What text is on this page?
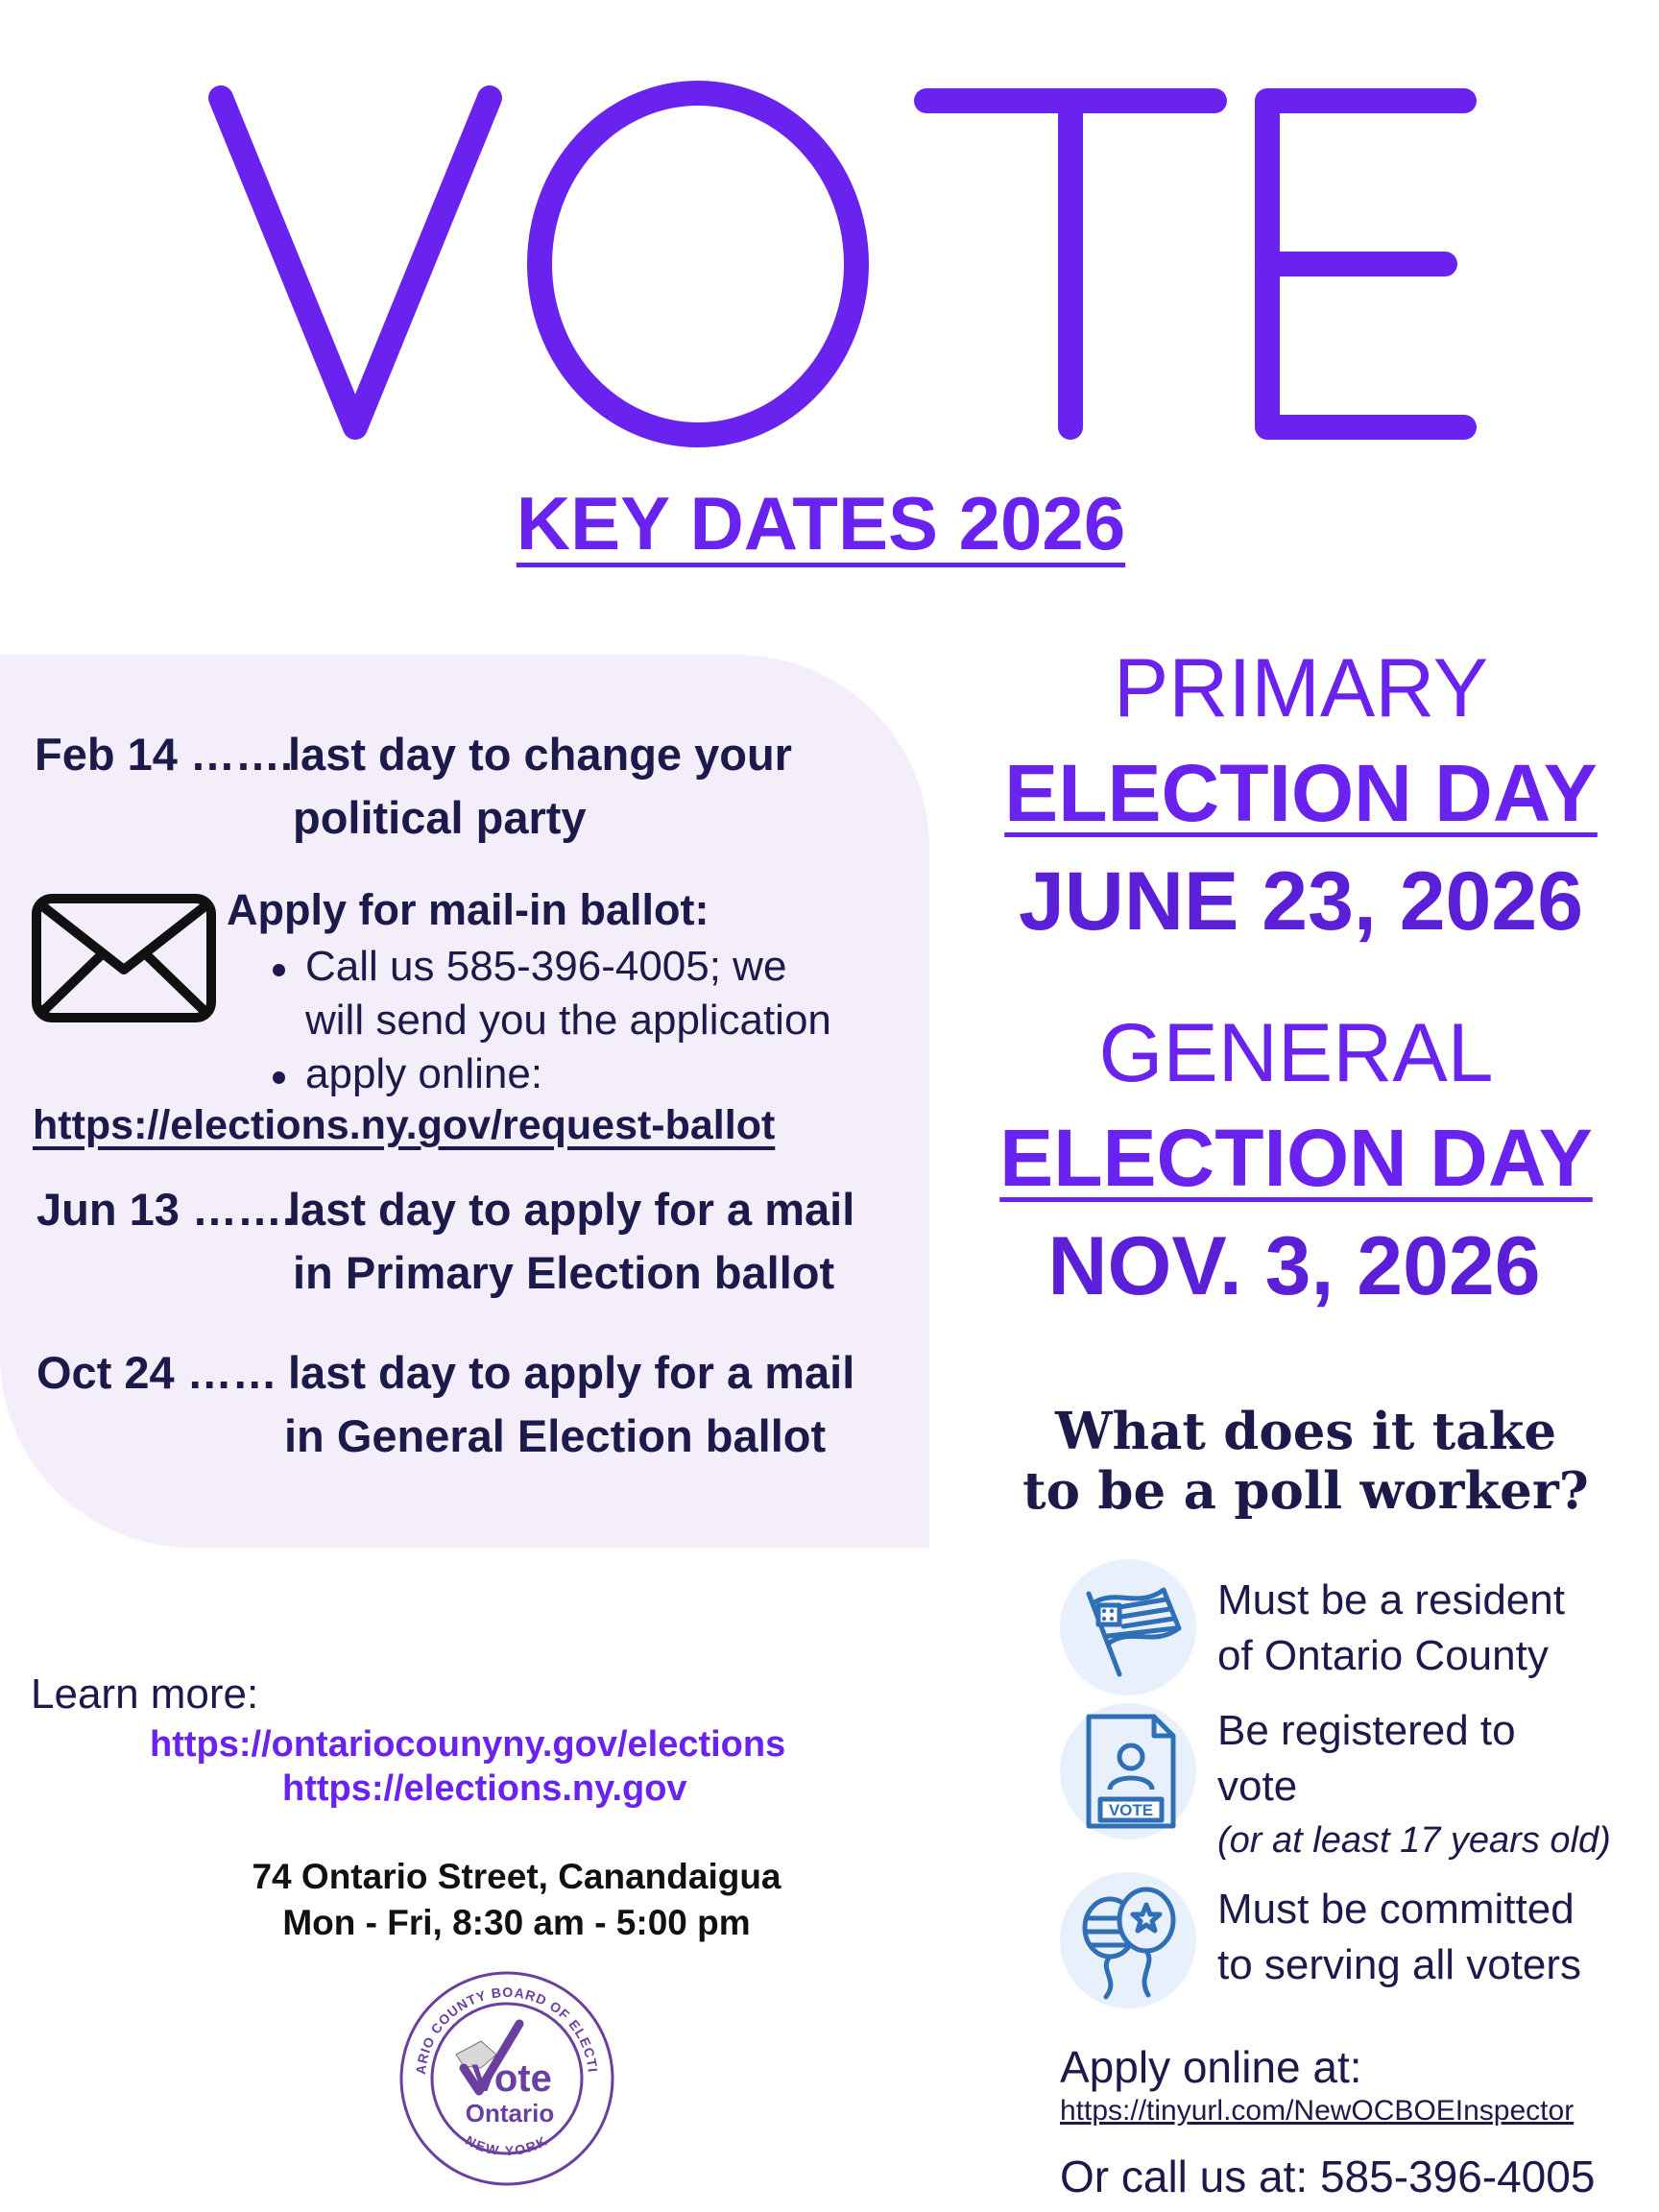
KEY DATES 2026
Feb 14 …….
last day to change your
political party
Apply for mail-in ballot:
Call us 585-396-4005; we
will send you the application
apply online:
https://elections.ny.gov/request-ballot
Jun 13 …….
last day to apply for a mail
in Primary Election ballot
Oct 24 …… last day to apply for a mail
in General Election ballot
PRIMARY
ELECTION DAY
JUNE 23, 2026
GENERAL
ELECTION DAY
NOV. 3, 2026
What does it take
to be a poll worker?
Must be a resident
of Ontario County
VOTE
Be registered to
vote
(or at least 17 years old)
Must be committed
to serving all voters
Apply online at:
https://tinyurl.com/NewOCBOEInspector
Or call us at: 585-396-4005
Learn more:
https://ontariocounyny.gov/elections
https://elections.ny.gov
74 Ontario Street, Canandaigua
Mon - Fri, 8:30 am - 5:00 pm
ARIO COUNTY BOARD OF ELECTI
NEW YORK
Vote
Ontario
